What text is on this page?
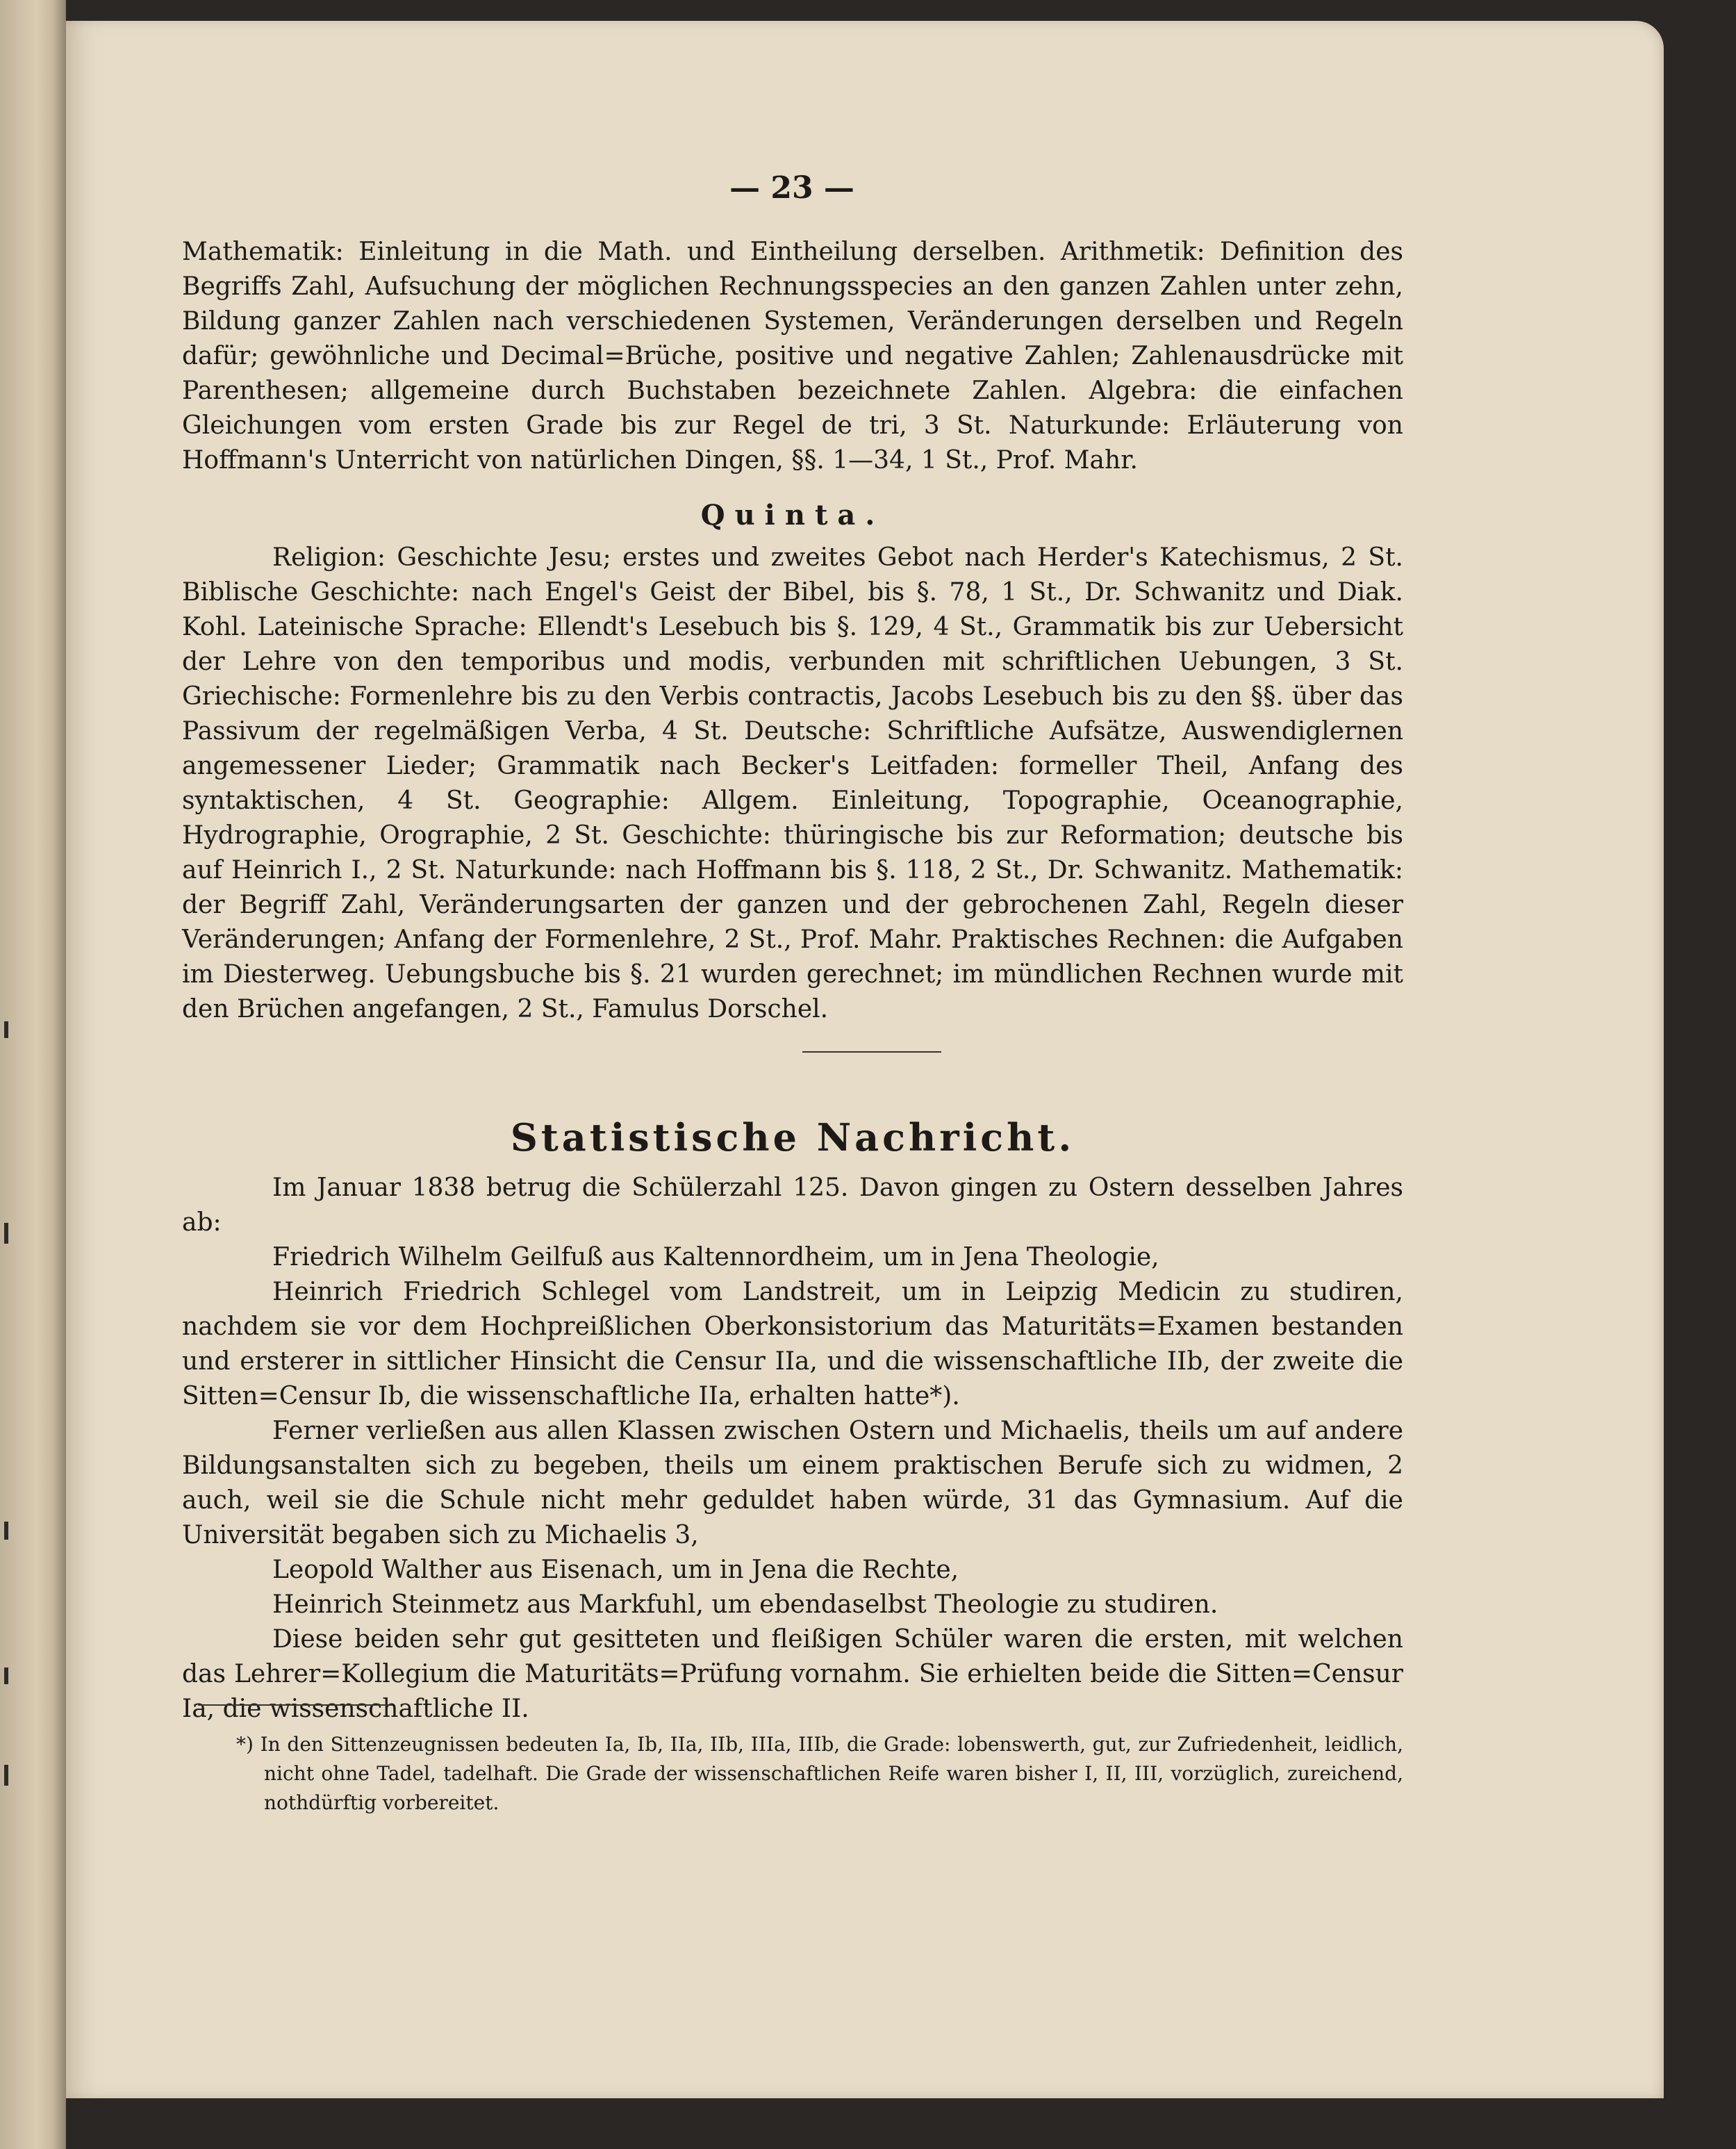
— 23 —

Mathematik: Einleitung in die Math. und Eintheilung derselben. Arithmetik: Definition des Begriffs Zahl, Aufsuchung der möglichen Rechnungsspecies an den ganzen Zahlen unter zehn, Bildung ganzer Zahlen nach verschiedenen Systemen, Veränderungen derselben und Regeln dafür; gewöhnliche und Decimal=Brüche, positive und negative Zahlen; Zahlenausdrücke mit Parenthesen; allgemeine durch Buchstaben bezeichnete Zahlen. Algebra: die einfachen Gleichungen vom ersten Grade bis zur Regel de tri, 3 St. Naturkunde: Erläuterung von Hoffmann's Unterricht von natürlichen Dingen, §§. 1—34, 1 St., Prof. Mahr.

Quinta.

Religion: Geschichte Jesu; erstes und zweites Gebot nach Herder's Katechismus, 2 St. Biblische Geschichte: nach Engel's Geist der Bibel, bis §. 78, 1 St., Dr. Schwanitz und Diak. Kohl. Lateinische Sprache: Ellendt's Lesebuch bis §. 129, 4 St., Grammatik bis zur Uebersicht der Lehre von den temporibus und modis, verbunden mit schriftlichen Uebungen, 3 St. Griechische: Formenlehre bis zu den Verbis contractis, Jacobs Lesebuch bis zu den §§. über das Passivum der regelmäßigen Verba, 4 St. Deutsche: Schriftliche Aufsätze, Auswendiglernen angemessener Lieder; Grammatik nach Becker's Leitfaden: formeller Theil, Anfang des syntaktischen, 4 St. Geographie: Allgem. Einleitung, Topographie, Oceanographie, Hydrographie, Orographie, 2 St. Geschichte: thüringische bis zur Reformation; deutsche bis auf Heinrich I., 2 St. Naturkunde: nach Hoffmann bis §. 118, 2 St., Dr. Schwanitz. Mathematik: der Begriff Zahl, Veränderungsarten der ganzen und der gebrochenen Zahl, Regeln dieser Veränderungen; Anfang der Formenlehre, 2 St., Prof. Mahr. Praktisches Rechnen: die Aufgaben im Diesterweg. Uebungsbuche bis §. 21 wurden gerechnet; im mündlichen Rechnen wurde mit den Brüchen angefangen, 2 St., Famulus Dorschel.

Statistische Nachricht.

Im Januar 1838 betrug die Schülerzahl 125. Davon gingen zu Ostern desselben Jahres ab:

Friedrich Wilhelm Geilfuß aus Kaltennordheim, um in Jena Theologie,

Heinrich Friedrich Schlegel vom Landstreit, um in Leipzig Medicin zu studiren, nachdem sie vor dem Hochpreißlichen Oberkonsistorium das Maturitäts=Examen bestanden und ersterer in sittlicher Hinsicht die Censur IIa, und die wissenschaftliche IIb, der zweite die Sitten=Censur Ib, die wissenschaftliche IIa, erhalten hatte*).

Ferner verließen aus allen Klassen zwischen Ostern und Michaelis, theils um auf andere Bildungsanstalten sich zu begeben, theils um einem praktischen Berufe sich zu widmen, 2 auch, weil sie die Schule nicht mehr geduldet haben würde, 31 das Gymnasium. Auf die Universität begaben sich zu Michaelis 3,

Leopold Walther aus Eisenach, um in Jena die Rechte,

Heinrich Steinmetz aus Markfuhl, um ebendaselbst Theologie zu studiren.

Diese beiden sehr gut gesitteten und fleißigen Schüler waren die ersten, mit welchen das Lehrer=Kollegium die Maturitäts=Prüfung vornahm. Sie erhielten beide die Sitten=Censur Ia, die wissenschaftliche II.

*) In den Sittenzeugnissen bedeuten Ia, Ib, IIa, IIb, IIIa, IIIb, die Grade: lobenswerth, gut, zur Zufriedenheit, leidlich, nicht ohne Tadel, tadelhaft. Die Grade der wissenschaftlichen Reife waren bisher I, II, III, vorzüglich, zureichend, nothdürftig vorbereitet.
